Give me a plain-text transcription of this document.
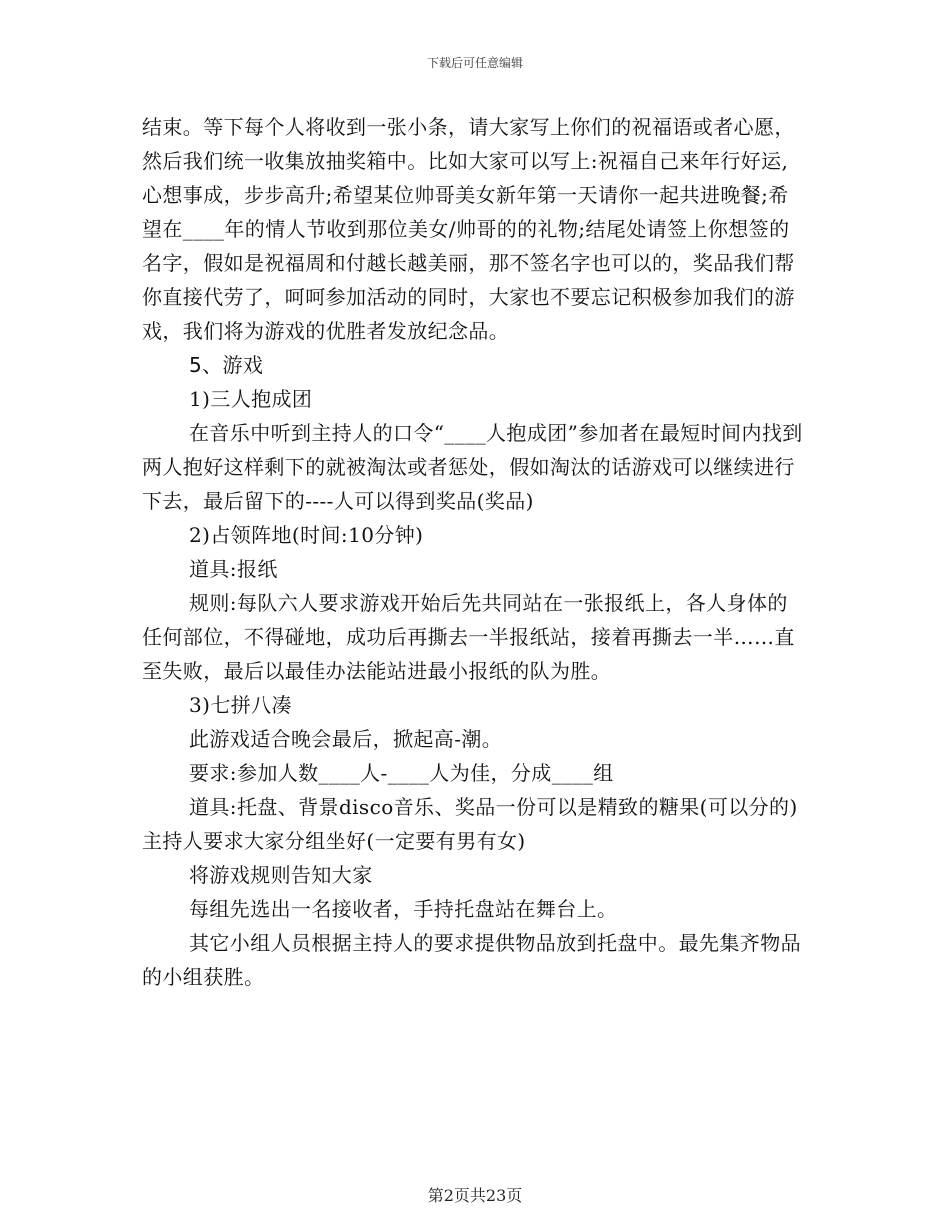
下载后可任意编辑

结束。等下每个人将收到一张小条，请大家写上你们的祝福语或者心愿，然后我们统一收集放抽奖箱中。比如大家可以写上:祝福自己来年行好运,心想事成，步步高升;希望某位帅哥美女新年第一天请你一起共进晚餐;希望在____年的情人节收到那位美女/帅哥的的礼物;结尾处请签上你想签的名字，假如是祝福周和付越长越美丽，那不签名字也可以的，奖品我们帮你直接代劳了，呵呵参加活动的同时，大家也不要忘记积极参加我们的游戏，我们将为游戏的优胜者发放纪念品。

5、游戏

1)三人抱成团

在音乐中听到主持人的口令“____人抱成团”参加者在最短时间内找到两人抱好这样剩下的就被淘汰或者惩处，假如淘汰的话游戏可以继续进行下去，最后留下的----人可以得到奖品(奖品)

2)占领阵地(时间:10分钟)

道具:报纸

规则:每队六人要求游戏开始后先共同站在一张报纸上，各人身体的任何部位，不得碰地，成功后再撕去一半报纸站，接着再撕去一半……直至失败，最后以最佳办法能站进最小报纸的队为胜。

3)七拼八凑

此游戏适合晚会最后，掀起高-潮。

要求:参加人数____人-____人为佳，分成____组

道具:托盘、背景disco音乐、奖品一份可以是精致的糖果(可以分的)主持人要求大家分组坐好(一定要有男有女)

将游戏规则告知大家

每组先选出一名接收者，手持托盘站在舞台上。

其它小组人员根据主持人的要求提供物品放到托盘中。最先集齐物品的小组获胜。

第2页共23页
